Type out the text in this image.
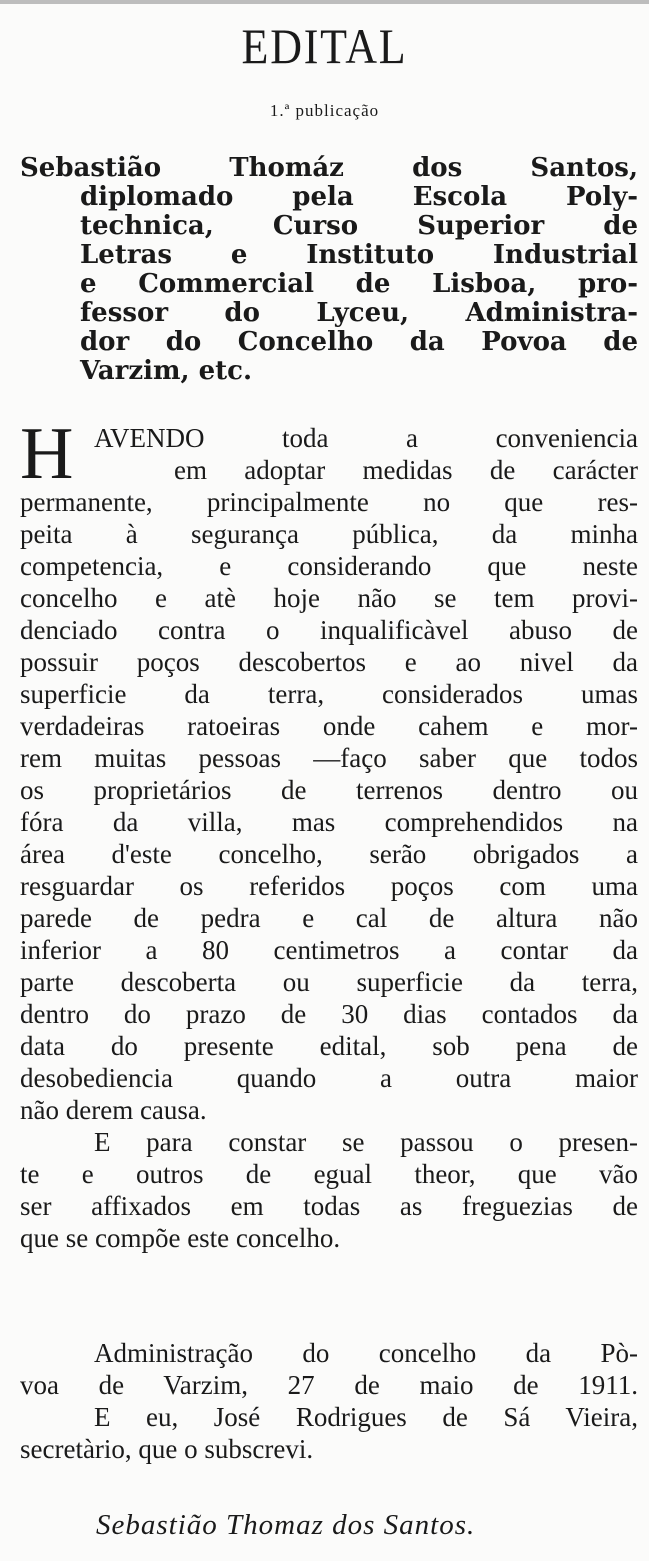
EDITAL
1.ª publicação
Sebastião Thomáz dos Santos,
diplomado pela Escola Poly-
technica, Curso Superior de
Letras e Instituto Industrial
e Commercial de Lisboa, pro-
fessor do Lyceu, Administra-
dor do Concelho da Povoa de
Varzim, etc.
H AVENDO toda a conveniencia
em adoptar medidas de carácter
permanente, principalmente no que res-
peita à segurança pública, da minha
competencia, e considerando que neste
concelho e atè hoje não se tem provi-
denciado contra o inqualificàvel abuso de
possuir poços descobertos e ao nivel da
superficie da terra, considerados umas
verdadeiras ratoeiras onde cahem e mor-
rem muitas pessoas —faço saber que todos
os proprietários de terrenos dentro ou
fóra da villa, mas comprehendidos na
área d'este concelho, serão obrigados a
resguardar os referidos poços com uma
parede de pedra e cal de altura não
inferior a 80 centimetros a contar da
parte descoberta ou superficie da terra,
dentro do prazo de 30 dias contados da
data do presente edital, sob pena de
desobediencia quando a outra maior
não derem causa.
E para constar se passou o presen-
te e outros de egual theor, que vão
ser affixados em todas as freguezias de
que se compõe este concelho.
Administração do concelho da Pò-
voa de Varzim, 27 de maio de 1911.
E eu, José Rodrigues de Sá Vieira,
secretàrio, que o subscrevi.
Sebastião Thomaz dos Santos.
